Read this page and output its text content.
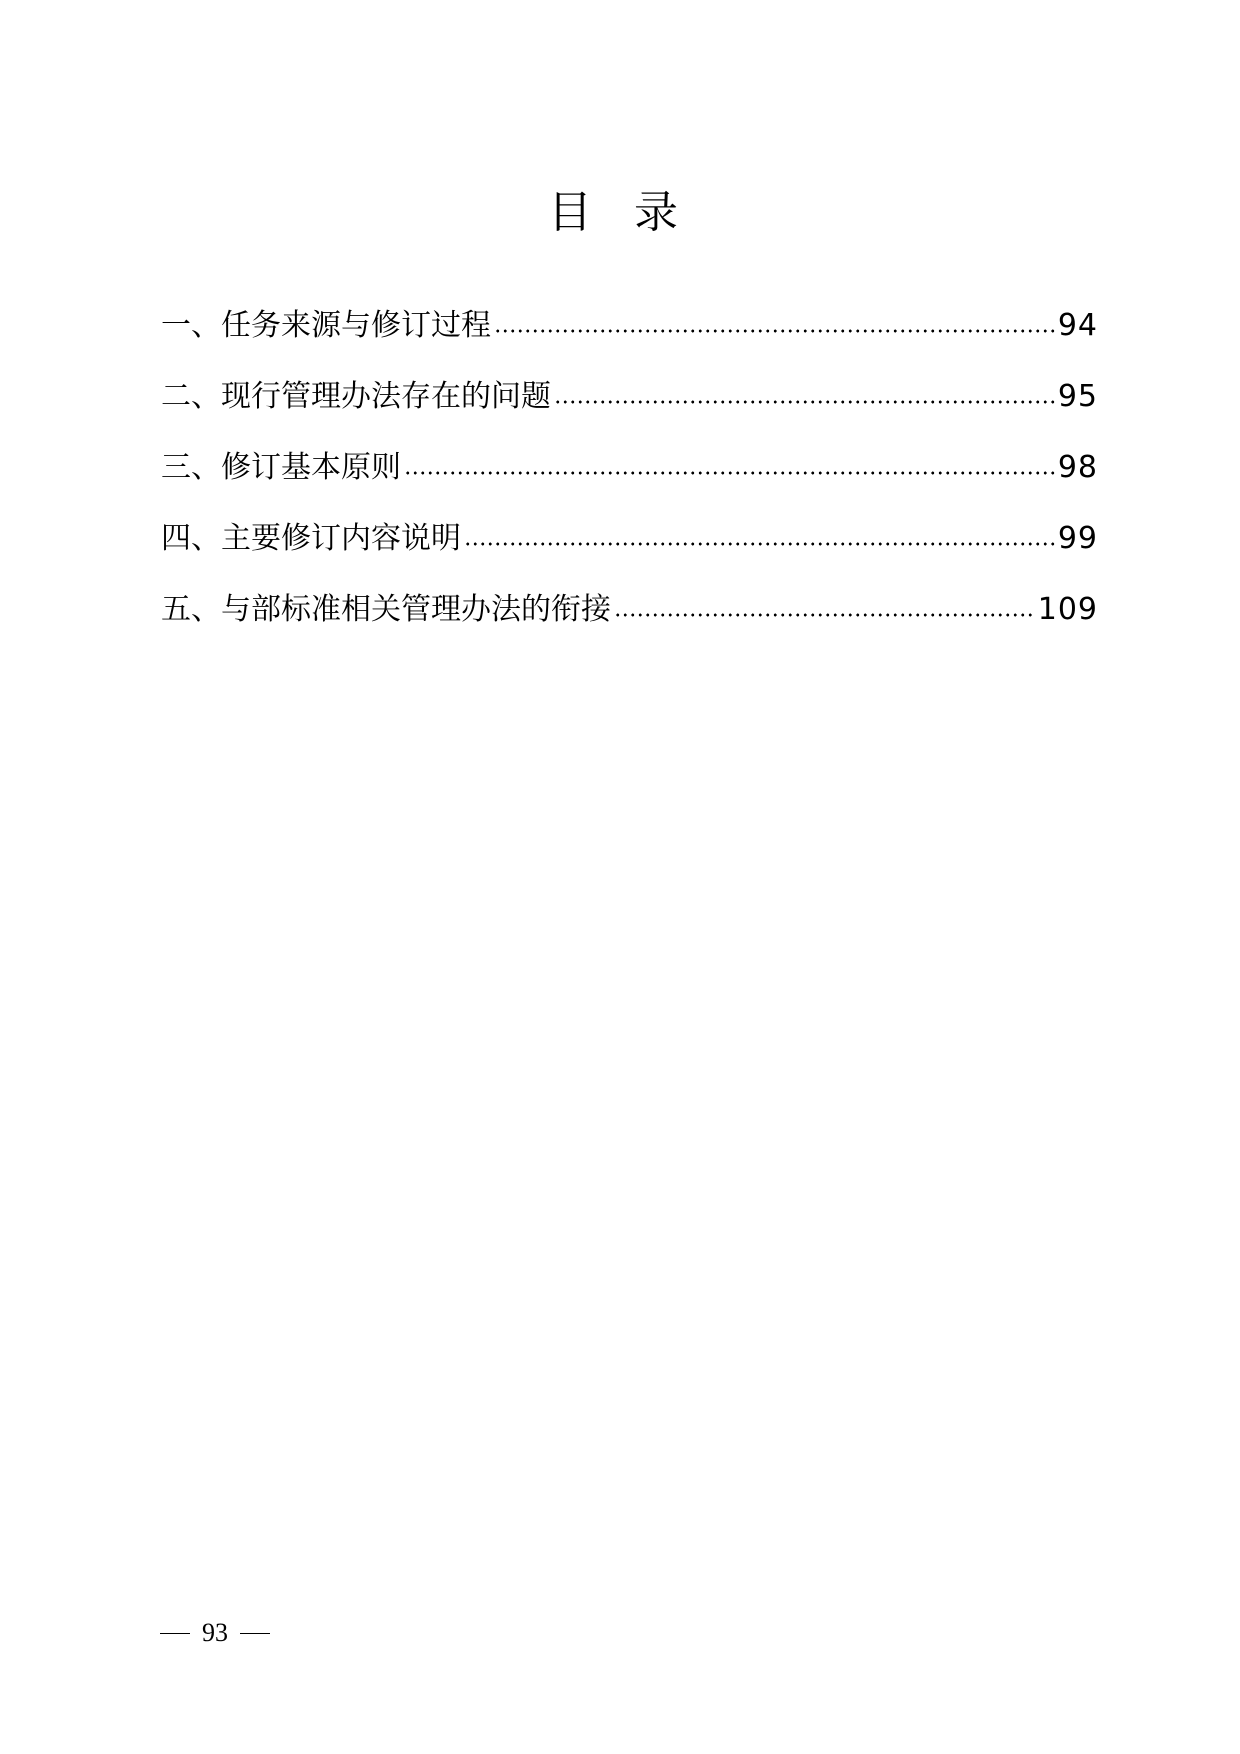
目 录
一、任务来源与修订过程	94
二、现行管理办法存在的问题	95
三、修订基本原则	98
四、主要修订内容说明	99
五、与部标准相关管理办法的衔接	109
93
